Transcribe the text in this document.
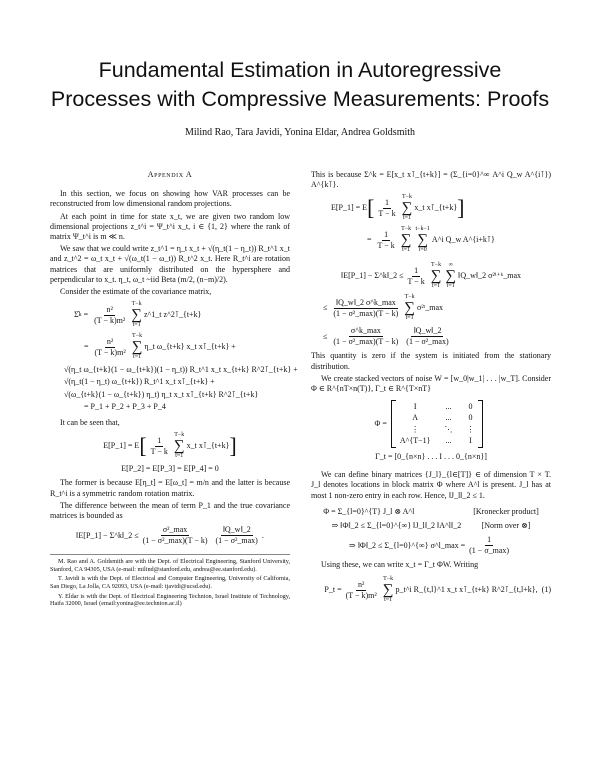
Fundamental Estimation in Autoregressive
Processes with Compressive Measurements: Proofs
Milind Rao, Tara Javidi, Yonina Eldar, Andrea Goldsmith
Appendix A

In this section, we focus on showing how VAR processes can be reconstructed from low dimensional random projections.

At each point in time for state x_t, we are given two random low dimensional projections z_t^i = Ψ_t^i x_t, i ∈ {1, 2} where the rank of matrix Ψ_t^i is m ≪ n.

We saw that we could write z_t^1 = η_t x_t + √(η_t(1 − η_t)) R_t^1 x_t and z_t^2 = ω_t x_t + √(ω_t(1 − ω_t)) R_t^2 x_t. Here R_t^i are rotation matrices that are uniformly distributed on the hypersphere and perpendicular to x_t. η_t, ω_t ~iid Beta (m/2, (n−m)/2).

Consider the estimate of the covariance matrix,

Σ̂ $k = \frac{\text{n²}}{\text{(T − k)m²}}$
T−k
∑
t=1
z^1_t z^2⊺_{t+k}
= $\frac{\text{n²}}{\text{(T − k)m²}}$
T−k
∑
t=1
η_t ω_{t+k} x_t x⊺_{t+k} +
√(η_t ω_{t+k}(1 − ω_{t+k})(1 − η_t)) R_t^1 x_t x_{t+k} R^2⊺_{t+k} +
√(η_t(1 − η_t) ω_{t+k}) R_t^1 x_t x⊺_{t+k} +
√(ω_{t+k}(1 − ω_{t+k}) η_t) η_t x_t x⊺_{t+k} R^2⊺_{t+k}
= P_1 + P_2 + P_3 + P_4

It can be seen that,

E[P_1] = E [ $\frac{1}{T - k}$
T−k
∑
t=1
x_t x⊺_{t+k} ]
E[P_2] = E[P_3] = E[P_4] = 0

The former is because E[η_t] = E[ω_t] = m/n and the latter is because R_t^i is a symmetric random rotation matrix.

The difference between the mean of term P_1 and the true covariance matrices is bounded as

‖E[P_1] − Σ^k‖_2 ≤ $\frac{\text{σ²\_max}}{\text{(1 − σ²\_max)(T − k)}} \frac{‖Q\_w‖\_2}{\text{(1 − σ²\_max)}}$ .
M. Rao and A. Goldsmith are with the Dept. of Electrical Engineering, Stanford University, Stanford, CA 94305, USA (e-mail: milind@stanford.edu, andrea@ee.stanford.edu).
T. Javidi is with the Dept. of Electrical and Computer Engineering, University of California, San Diego, La Jolla, CA 92093, USA (e-mail: tjavidi@ucsd.edu).
Y. Eldar is with the Dept. of Electrical Engineering Technion, Israel Institute of Technology, Haifa 32000, Israel (email:yonina@ee.technion.ac.il)

This is because Σ^k = E[x_t x⊺_{t+k}] = (Σ_{i=0}^∞ A^i Q_w A^{i⊺}) A^{k⊺}.

E[P_1] = E [ $\frac{1}{T - k}$
T−k
∑
t=1
x_t x⊺_{t+k} ]
= $\frac{1}{T - k}$
T−k
∑
t=1
t−k−1
∑
i=0
A^i Q_w A^{i+k⊺}
‖E[P_1] − Σ^k‖_2 ≤ $\frac{1}{T - k}$
T−k
∑
t=1
∞
∑
i=1
‖Q_w‖_2 σ²ⁱ⁺ᵏ_max
≤ $\frac{‖Q\_w‖\_2 \sigma\^{}k\_\max}{\text{(1 − σ²\_max)(T − k)}}$
T−k
∑
t=1
σ²ᵗ_max
≤ $\frac{\sigma\^{}k\_\max}{\text{(1 − σ²\_max)(T − k)}} \frac{‖Q\_w‖\_2}{\text{(1 − σ²\_max)}}$

This quantity is zero if the system is initiated from the stationary distribution.

We create stacked vectors of noise W = [w_0|w_1| . . . |w_T]. Consider Φ ∈ R^{nT×n(T)}, Γ_t ∈ R^{T×nT}

Φ =
I	... 0
A	... 0
⋮	⋱ ⋮
A^{T−1} ...	I
Γ_t = [0_{n×n} . . . I . . . 0_{n×n}]

We can define binary matrices {J_l}_{l∈[T]} ∈ of dimension T × T. J_l denotes locations in block matrix Φ where A^l is present. J_l has at most 1 non-zero entry in each row. Hence, ‖J_l‖_2 ≤ 1.

Φ = Σ_{l=0}^{T} J_l ⊗ A^l	[Kronecker product]
⇒ ‖Φ‖_2 ≤ Σ_{l=0}^{∞} ‖J_l‖_2 ‖A^l‖_2	[Norm over ⊗]
⇒ ‖Φ‖_2 ≤ Σ_{l=0}^{∞} σ^l_max = $\frac{1}{(1 - \sigma\_\max)}$

Using these, we can write x_t = Γ_t ΦW. Writing

P_t = $\frac{\text{n²}}{\text{(T − k)m²}}$
T−k
∑
t=1
p_t^i R_{t,l}^1 x_t x⊺_{t+k} R^2⊺_{t,l+k}, (1)
